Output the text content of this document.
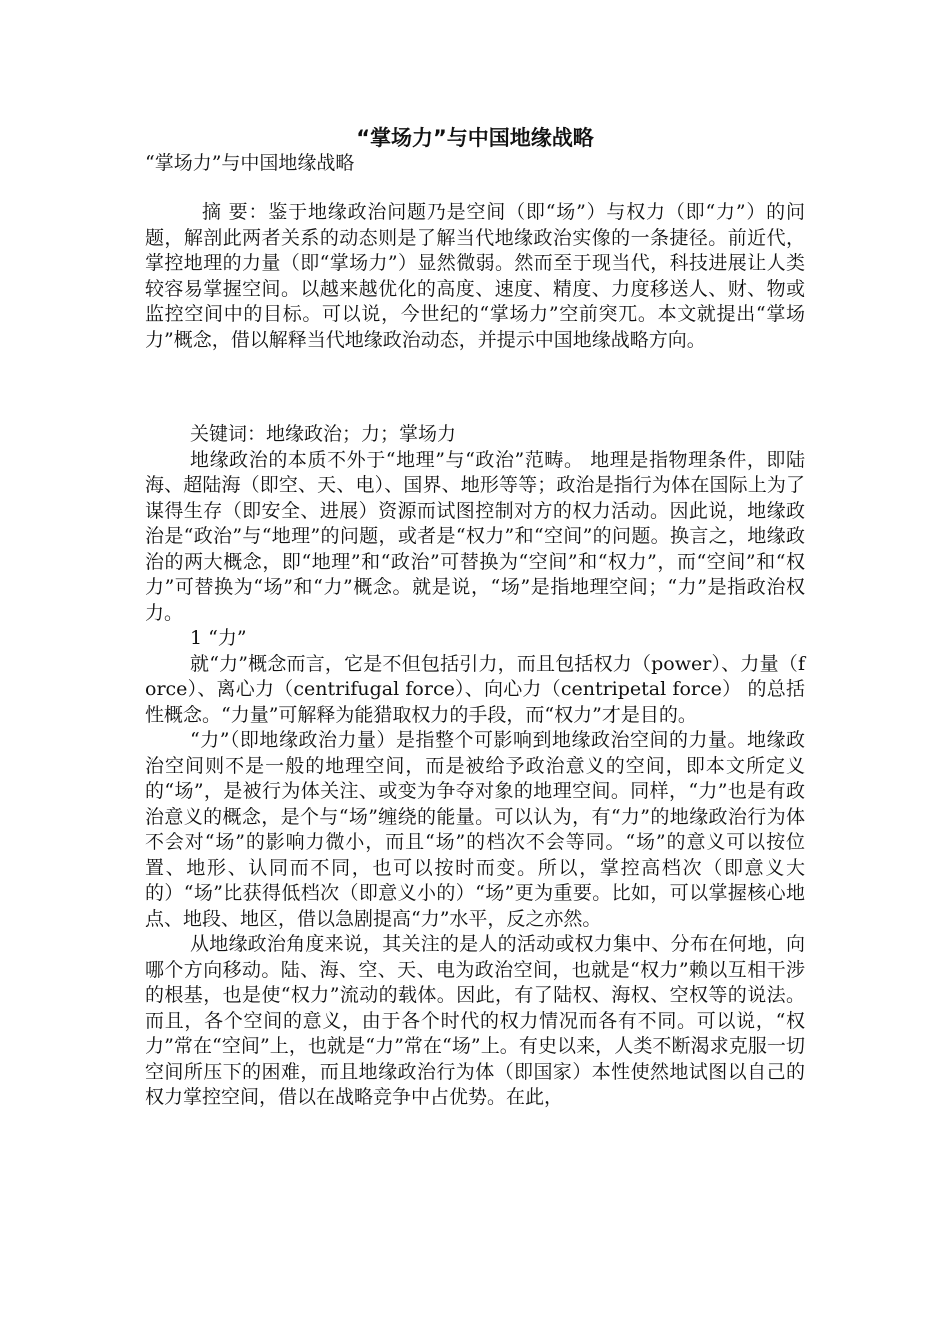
“掌场力”与中国地缘战略

“掌场力”与中国地缘战略

摘 要：鉴于地缘政治问题乃是空间（即“场”）与权力（即“力”）的问题，解剖此两者关系的动态则是了解当代地缘政治实像的一条捷径。前近代，掌控地理的力量（即“掌场力”）显然微弱。然而至于现当代，科技进展让人类较容易掌握空间。以越来越优化的高度、速度、精度、力度移送人、财、物或监控空间中的目标。可以说，今世纪的“掌场力”空前突兀。本文就提出“掌场力”概念，借以解释当代地缘政治动态，并提示中国地缘战略方向。

关键词：地缘政治；力；掌场力

地缘政治的本质不外于“地理”与“政治”范畴。 地理是指物理条件，即陆海、超陆海（即空、天、电）、国界、地形等等；政治是指行为体在国际上为了谋得生存（即安全、进展）资源而试图控制对方的权力活动。因此说，地缘政治是“政治”与“地理”的问题，或者是“权力”和“空间”的问题。换言之，地缘政治的两大概念，即“地理”和“政治”可替换为“空间”和“权力”，而“空间”和“权力”可替换为“场”和“力”概念。就是说，“场”是指地理空间；“力”是指政治权力。

1 “力”

就“力”概念而言，它是不但包括引力，而且包括权力（power）、力量（force）、离心力（centrifugal force）、向心力（centripetal force） 的总括性概念。“力量”可解释为能猎取权力的手段，而“权力”才是目的。

“力”（即地缘政治力量）是指整个可影响到地缘政治空间的力量。地缘政治空间则不是一般的地理空间，而是被给予政治意义的空间，即本文所定义的“场”，是被行为体关注、或变为争夺对象的地理空间。同样，“力”也是有政治意义的概念，是个与“场”缠绕的能量。可以认为，有“力”的地缘政治行为体不会对“场”的影响力微小，而且“场”的档次不会等同。“场”的意义可以按位置、地形、认同而不同，也可以按时而变。所以，掌控高档次（即意义大的）“场”比获得低档次（即意义小的）“场”更为重要。比如，可以掌握核心地点、地段、地区，借以急剧提高“力”水平，反之亦然。

从地缘政治角度来说，其关注的是人的活动或权力集中、分布在何地，向哪个方向移动。陆、海、空、天、电为政治空间，也就是“权力”赖以互相干涉的根基，也是使“权力”流动的载体。因此，有了陆权、海权、空权等的说法。而且，各个空间的意义，由于各个时代的权力情况而各有不同。可以说，“权力”常在“空间”上，也就是“力”常在“场”上。有史以来，人类不断渴求克服一切空间所压下的困难，而且地缘政治行为体（即国家）本性使然地试图以自己的权力掌控空间，借以在战略竞争中占优势。在此，
